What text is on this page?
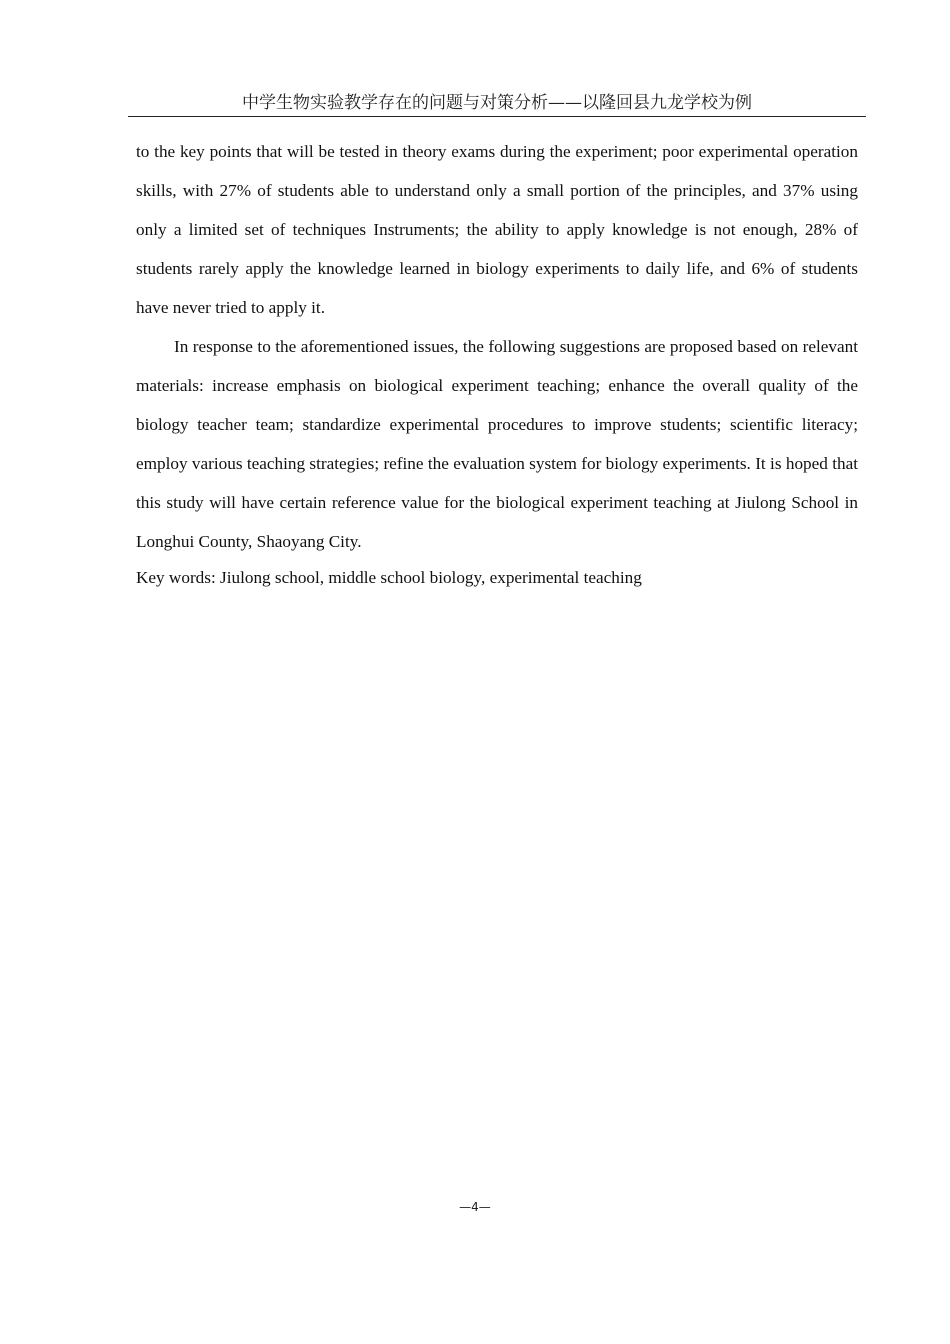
中学生物实验教学存在的问题与对策分析——以隆回县九龙学校为例

to the key points that will be tested in theory exams during the experiment; poor experimental operation skills, with 27% of students able to understand only a small portion of the principles, and 37% using only a limited set of techniques Instruments; the ability to apply knowledge is not enough, 28% of students rarely apply the knowledge learned in biology experiments to daily life, and 6% of students have never tried to apply it.

In response to the aforementioned issues, the following suggestions are proposed based on relevant materials: increase emphasis on biological experiment teaching; enhance the overall quality of the biology teacher team; standardize experimental procedures to improve students; scientific literacy; employ various teaching strategies; refine the evaluation system for biology experiments. It is hoped that this study will have certain reference value for the biological experiment teaching at Jiulong School in Longhui County, Shaoyang City.

Key words: Jiulong school, middle school biology, experimental teaching

—4—
